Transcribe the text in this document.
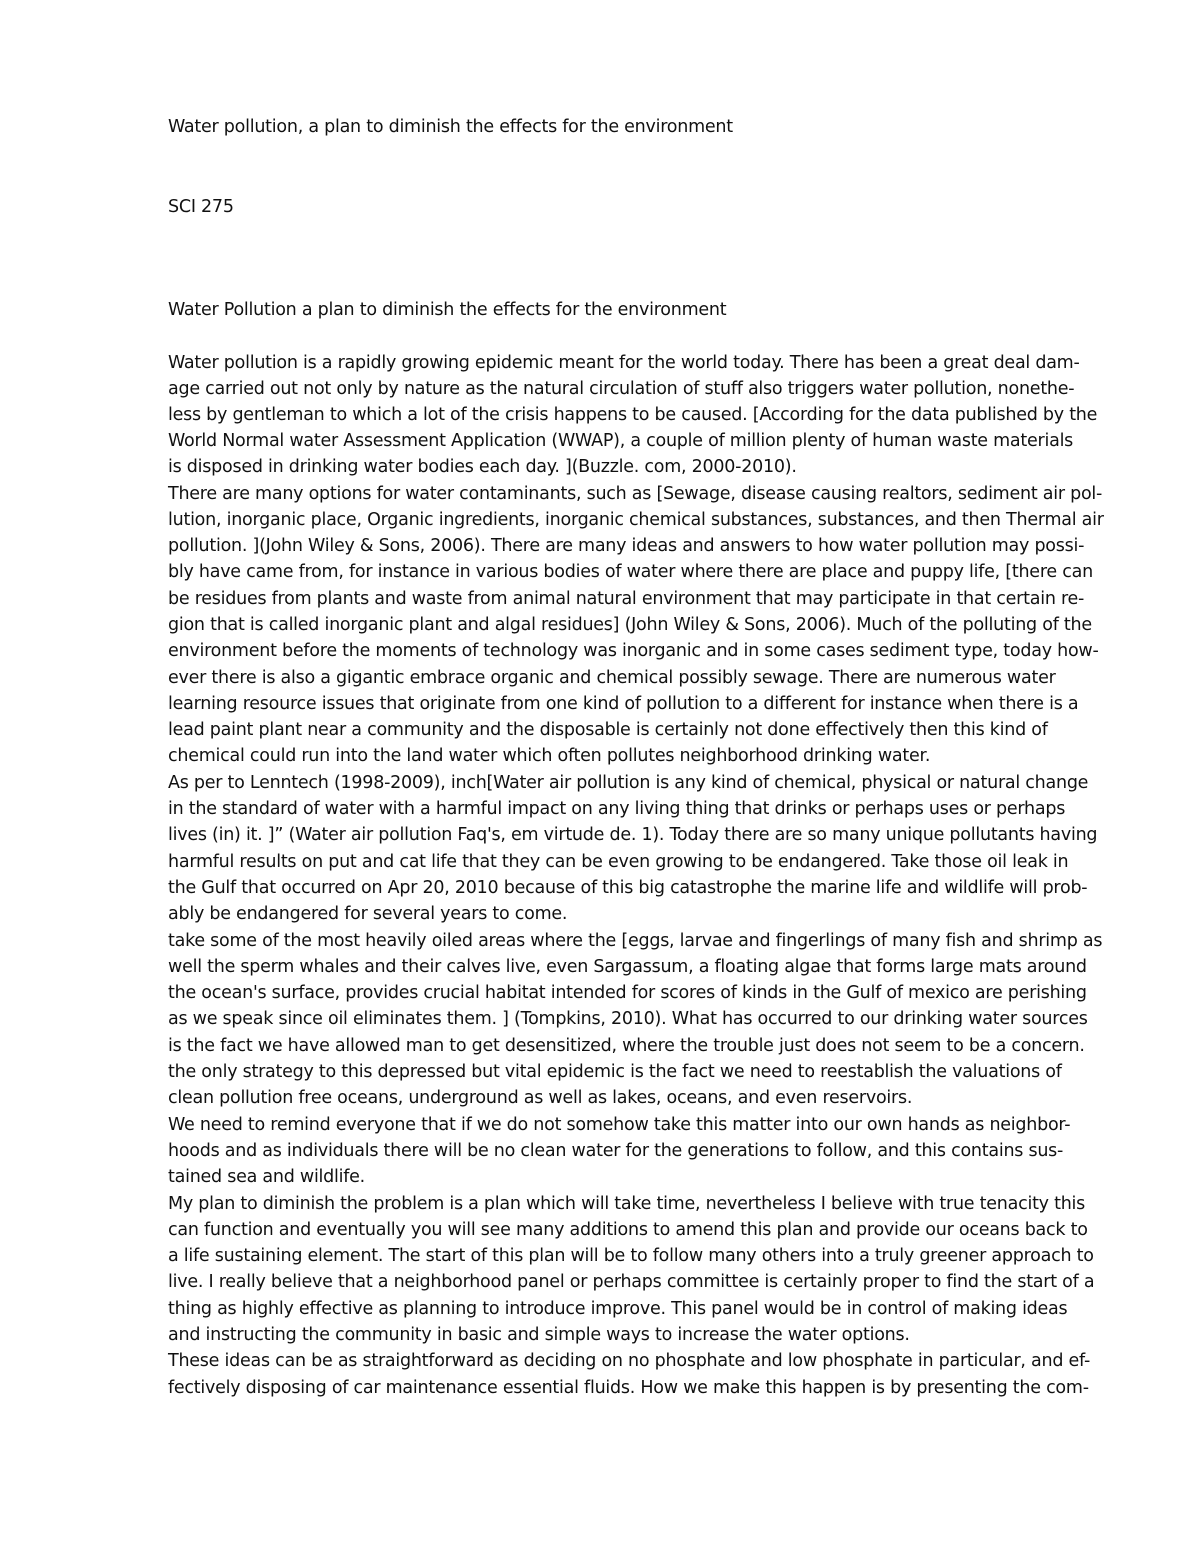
Water pollution, a plan to diminish the effects for the environment
SCI 275
Water Pollution a plan to diminish the effects for the environment
Water pollution is a rapidly growing epidemic meant for the world today. There has been a great deal dam-
age carried out not only by nature as the natural circulation of stuff also triggers water pollution, nonethe-
less by gentleman to which a lot of the crisis happens to be caused. [According for the data published by the
World Normal water Assessment Application (WWAP), a couple of million plenty of human waste materials
is disposed in drinking water bodies each day. ](Buzzle. com, 2000-2010).
There are many options for water contaminants, such as [Sewage, disease causing realtors, sediment air pol-
lution, inorganic place, Organic ingredients, inorganic chemical substances, substances, and then Thermal air
pollution. ](John Wiley & Sons, 2006). There are many ideas and answers to how water pollution may possi-
bly have came from, for instance in various bodies of water where there are place and puppy life, [there can
be residues from plants and waste from animal natural environment that may participate in that certain re-
gion that is called inorganic plant and algal residues] (John Wiley & Sons, 2006). Much of the polluting of the
environment before the moments of technology was inorganic and in some cases sediment type, today how-
ever there is also a gigantic embrace organic and chemical possibly sewage. There are numerous water
learning resource issues that originate from one kind of pollution to a different for instance when there is a
lead paint plant near a community and the disposable is certainly not done effectively then this kind of
chemical could run into the land water which often pollutes neighborhood drinking water.
As per to Lenntech (1998-2009), inch[Water air pollution is any kind of chemical, physical or natural change
in the standard of water with a harmful impact on any living thing that drinks or perhaps uses or perhaps
lives (in) it. ]” (Water air pollution Faq's, em virtude de. 1). Today there are so many unique pollutants having
harmful results on put and cat life that they can be even growing to be endangered. Take those oil leak in
the Gulf that occurred on Apr 20, 2010 because of this big catastrophe the marine life and wildlife will prob-
ably be endangered for several years to come.
take some of the most heavily oiled areas where the [eggs, larvae and fingerlings of many fish and shrimp as
well the sperm whales and their calves live, even Sargassum, a floating algae that forms large mats around
the ocean's surface, provides crucial habitat intended for scores of kinds in the Gulf of mexico are perishing
as we speak since oil eliminates them. ] (Tompkins, 2010). What has occurred to our drinking water sources
is the fact we have allowed man to get desensitized, where the trouble just does not seem to be a concern.
the only strategy to this depressed but vital epidemic is the fact we need to reestablish the valuations of
clean pollution free oceans, underground as well as lakes, oceans, and even reservoirs.
We need to remind everyone that if we do not somehow take this matter into our own hands as neighbor-
hoods and as individuals there will be no clean water for the generations to follow, and this contains sus-
tained sea and wildlife.
My plan to diminish the problem is a plan which will take time, nevertheless I believe with true tenacity this
can function and eventually you will see many additions to amend this plan and provide our oceans back to
a life sustaining element. The start of this plan will be to follow many others into a truly greener approach to
live. I really believe that a neighborhood panel or perhaps committee is certainly proper to find the start of a
thing as highly effective as planning to introduce improve. This panel would be in control of making ideas
and instructing the community in basic and simple ways to increase the water options.
These ideas can be as straightforward as deciding on no phosphate and low phosphate in particular, and ef-
fectively disposing of car maintenance essential fluids. How we make this happen is by presenting the com-
